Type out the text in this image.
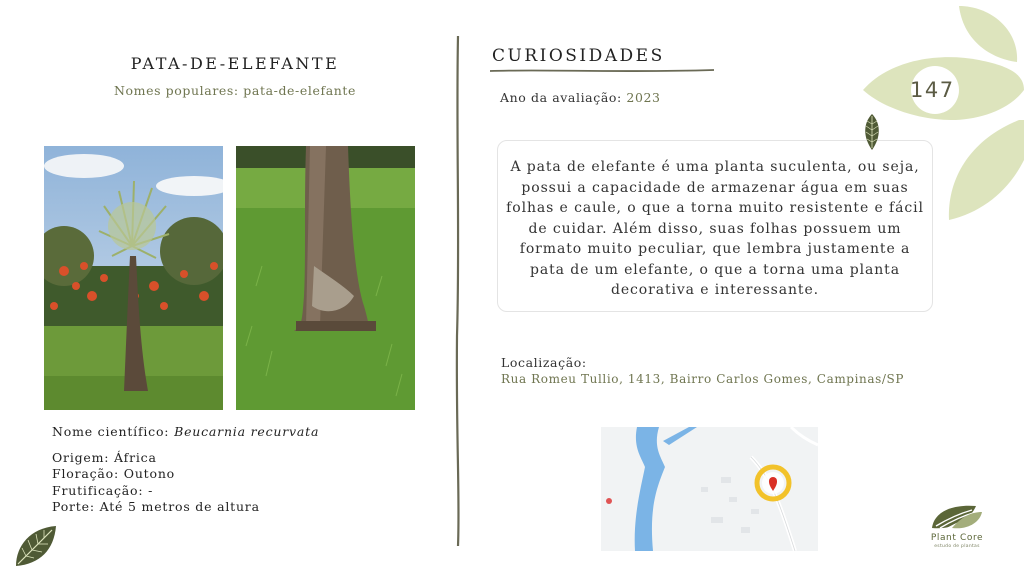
PATA-DE-ELEFANTE
Nomes populares: pata-de-elefante
Nome científico: Beucarnia recurvata
Origem: África
Floração: Outono
Frutificação: -
Porte: Até 5 metros de altura
CURIOSIDADES
Ano da avaliação: 2023
A pata de elefante é uma planta suculenta, ou seja, possui a capacidade de armazenar água em suas folhas e caule, o que a torna muito resistente e fácil de cuidar. Além disso, suas folhas possuem um formato muito peculiar, que lembra justamente a pata de um elefante, o que a torna uma planta decorativa e interessante.
Localização:
Rua Romeu Tullio, 1413, Bairro Carlos Gomes, Campinas/SP
147
Plant Core
estudo de plantas
